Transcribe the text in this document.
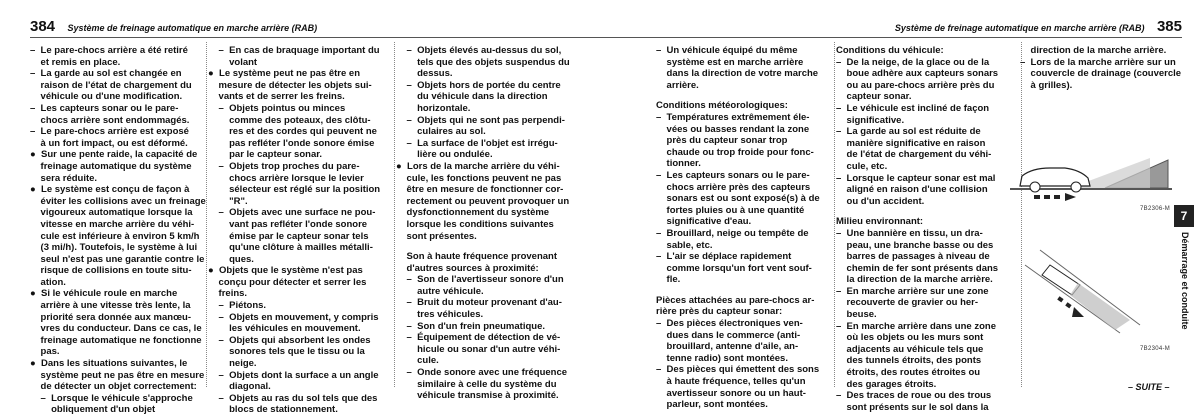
384 Système de freinage automatique en marche arrière (RAB)

–  Le pare-chocs arrière a été retiré

et remis en place.

–  La garde au sol est changée en

raison de l'état de chargement du

véhicule ou d'une modification.

–  Les capteurs sonar ou le pare-

chocs arrière sont endommagés.

–  Le pare-chocs arrière est exposé

à un fort impact, ou est déformé.

●  Sur une pente raide, la capacité de

freinage automatique du système

sera réduite.

●  Le système est conçu de façon à

éviter les collisions avec un freinage

vigoureux automatique lorsque la

vitesse en marche arrière du véhi-

cule est inférieure à environ 5 km/h

(3 mi/h). Toutefois, le système à lui

seul n'est pas une garantie contre le

risque de collisions en toute situ-

ation.

●  Si le véhicule roule en marche

arrière à une vitesse très lente, la

priorité sera donnée aux manœu-

vres du conducteur. Dans ce cas, le

freinage automatique ne fonctionne

pas.

●  Dans les situations suivantes, le

système peut ne pas être en mesure

de détecter un objet correctement:

–  Lorsque le véhicule s'approche

obliquement d'un objet

–  En cas de braquage important du

volant

●  Le système peut ne pas être en

mesure de détecter les objets sui-

vants et de serrer les freins.

–  Objets pointus ou minces

comme des poteaux, des clôtu-

res et des cordes qui peuvent ne

pas refléter l'onde sonore émise

par le capteur sonar.

–  Objets trop proches du pare-

chocs arrière lorsque le levier

sélecteur est réglé sur la position

"R".

–  Objets avec une surface ne pou-

vant pas refléter l'onde sonore

émise par le capteur sonar tels

qu'une clôture à mailles métalli-

ques.

●  Objets que le système n'est pas

conçu pour détecter et serrer les

freins.

–  Piétons.

–  Objets en mouvement, y compris

les véhicules en mouvement.

–  Objets qui absorbent les ondes

sonores tels que le tissu ou la

neige.

–  Objets dont la surface a un angle

diagonal.

–  Objets au ras du sol tels que des

blocs de stationnement.

–  Objets élevés au-dessus du sol,

tels que des objets suspendus du

dessus.

–  Objets hors de portée du centre

du véhicule dans la direction

horizontale.

–  Objets qui ne sont pas perpendi-

culaires au sol.

–  La surface de l'objet est irrégu-

lière ou ondulée.

●  Lors de la marche arrière du véhi-

cule, les fonctions peuvent ne pas

être en mesure de fonctionner cor-

rectement ou peuvent provoquer un

dysfonctionnement du système

lorsque les conditions suivantes

sont présentes.

Son à haute fréquence provenant

d'autres sources à proximité:

–  Son de l'avertisseur sonore d'un

autre véhicule.

–  Bruit du moteur provenant d'au-

tres véhicules.

–  Son d'un frein pneumatique.

–  Équipement de détection de vé-

hicule ou sonar d'un autre véhi-

cule.

–  Onde sonore avec une fréquence

similaire à celle du système du

véhicule transmise à proximité.

Système de freinage automatique en marche arrière (RAB) 385

–  Un véhicule équipé du même

système est en marche arrière

dans la direction de votre marche

arrière.

Conditions météorologiques:

–  Températures extrêmement éle-

vées ou basses rendant la zone

près du capteur sonar trop

chaude ou trop froide pour fonc-

tionner.

–  Les capteurs sonars ou le pare-

chocs arrière près des capteurs

sonars est ou sont exposé(s) à de

fortes pluies ou à une quantité

significative d'eau.

–  Brouillard, neige ou tempête de

sable, etc.

–  L'air se déplace rapidement

comme lorsqu'un fort vent souf-

fle.

Pièces attachées au pare-chocs ar-

rière près du capteur sonar:

–  Des pièces électroniques ven-

dues dans le commerce (anti-

brouillard, antenne d'aile, an-

tenne radio) sont montées.

–  Des pièces qui émettent des sons

à haute fréquence, telles qu'un

avertisseur sonore ou un haut-

parleur, sont montées.

Conditions du véhicule:

–  De la neige, de la glace ou de la

boue adhère aux capteurs sonars

ou au pare-chocs arrière près du

capteur sonar.

–  Le véhicule est incliné de façon

significative.

–  La garde au sol est réduite de

manière significative en raison

de l'état de chargement du véhi-

cule, etc.

–  Lorsque le capteur sonar est mal

aligné en raison d'une collision

ou d'un accident.

Milieu environnant:

–  Une bannière en tissu, un dra-

peau, une branche basse ou des

barres de passages à niveau de

chemin de fer sont présents dans

la direction de la marche arrière.

–  En marche arrière sur une zone

recouverte de gravier ou her-

beuse.

–  En marche arrière dans une zone

où les objets ou les murs sont

adjacents au véhicule tels que

des tunnels étroits, des ponts

étroits, des routes étroites ou

des garages étroits.

–  Des traces de roue ou des trous

sont présents sur le sol dans la

direction de la marche arrière.

–  Lors de la marche arrière sur un

couvercle de drainage (couvercle

à grilles).

7B2306-M
7B2304-M
7
Démarrage et conduite
– SUITE –
